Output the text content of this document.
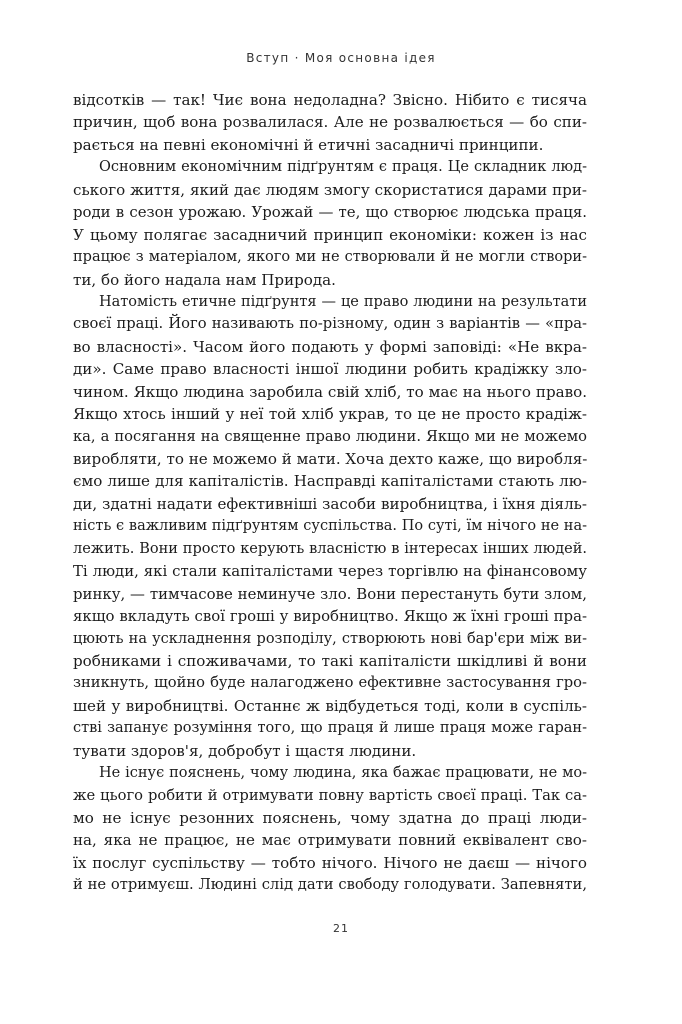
Вступ · Моя основна ідея
відсотків — так! Чиє вона недоладна? Звісно. Нібито є тисяча
причин, щоб вона розвалилася. Але не розвалюється — бо спи-
рається на певні економічні й етичні засадничі принципи.
Основним економічним підґрунтям є праця. Це складник люд-
ського життя, який дає людям змогу скористатися дарами при-
роди в сезон урожаю. Урожай — те, що створює людська праця.
У цьому полягає засадничий принцип економіки: кожен із нас
працює з матеріалом, якого ми не створювали й не могли створи-
ти, бо його надала нам Природа.
Натомість етичне підґрунтя — це право людини на результати
своєї праці. Його називають по-різному, один з варіантів — «пра-
во власності». Часом його подають у формі заповіді: «Не вкра-
ди». Саме право власності іншої людини робить крадіжку зло-
чином. Якщо людина заробила свій хліб, то має на нього право.
Якщо хтось інший у неї той хліб украв, то це не просто крадіж-
ка, а посягання на священне право людини. Якщо ми не можемо
виробляти, то не можемо й мати. Хоча дехто каже, що виробля-
ємо лише для капіталістів. Насправді капіталістами стають лю-
ди, здатні надати ефективніші засоби виробництва, і їхня діяль-
ність є важливим підґрунтям суспільства. По суті, їм нічого не на-
лежить. Вони просто керують власністю в інтересах інших людей.
Ті люди, які стали капіталістами через торгівлю на фінансовому
ринку, — тимчасове неминуче зло. Вони перестануть бути злом,
якщо вкладуть свої гроші у виробництво. Якщо ж їхні гроші пра-
цюють на ускладнення розподілу, створюють нові бар'єри між ви-
робниками і споживачами, то такі капіталісти шкідливі й вони
зникнуть, щойно буде налагоджено ефективне застосування гро-
шей у виробництві. Останнє ж відбудеться тоді, коли в суспіль-
стві запанує розуміння того, що праця й лише праця може гаран-
тувати здоров'я, добробут і щастя людини.
Не існує пояснень, чому людина, яка бажає працювати, не мо-
же цього робити й отримувати повну вартість своєї праці. Так са-
мо не існує резонних пояснень, чому здатна до праці люди-
на, яка не працює, не має отримувати повний еквівалент сво-
їх послуг суспільству — тобто нічого. Нічого не даєш — нічого
й не отримуєш. Людині слід дати свободу голодувати. Запевняти,
21
